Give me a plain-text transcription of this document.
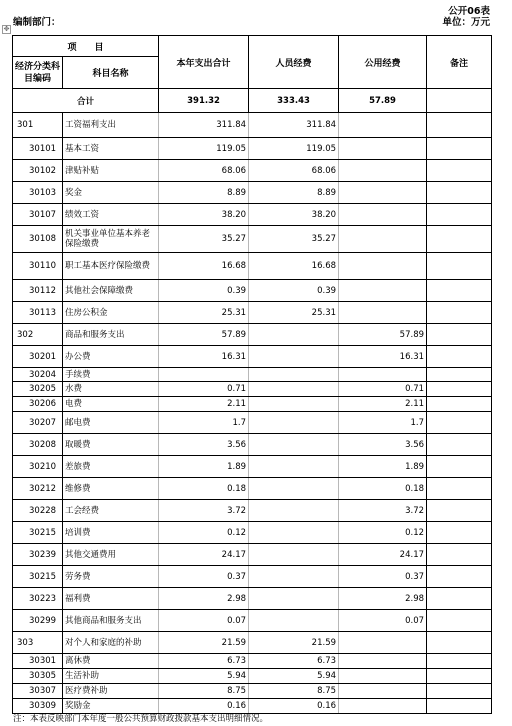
编制部门：
公开06表
单位：万元
✥
项　　目		本年支出合计	人员经费	公用经费	备注
经济分类科目编码	科目名称				
合计		391.32	333.43	57.89	
301	工资福利支出	311.84	311.84		
30101	基本工资	119.05	119.05		
30102	津贴补贴	68.06	68.06		
30103	奖金	8.89	8.89		
30107	绩效工资	38.20	38.20		
30108	机关事业单位基本养老保险缴费	35.27	35.27		
30110	职工基本医疗保险缴费	16.68	16.68		
30112	其他社会保障缴费	0.39	0.39		
30113	住房公积金	25.31	25.31		
302	商品和服务支出	57.89		57.89	
30201	办公费	16.31		16.31	
30204	手续费				
30205	水费	0.71		0.71	
30206	电费	2.11		2.11	
30207	邮电费	1.7		1.7	
30208	取暖费	3.56		3.56	
30210	差旅费	1.89		1.89	
30212	维修费	0.18		0.18	
30228	工会经费	3.72		3.72	
30215	培训费	0.12		0.12	
30239	其他交通费用	24.17		24.17	
30215	劳务费	0.37		0.37	
30223	福利费	2.98		2.98	
30299	其他商品和服务支出	0.07		0.07	
303	对个人和家庭的补助	21.59	21.59		
30301	离休费	6.73	6.73		
30305	生活补助	5.94	5.94		
30307	医疗费补助	8.75	8.75		
30309	奖励金	0.16	0.16		
注：本表反映部门本年度一般公共预算财政拨款基本支出明细情况。
